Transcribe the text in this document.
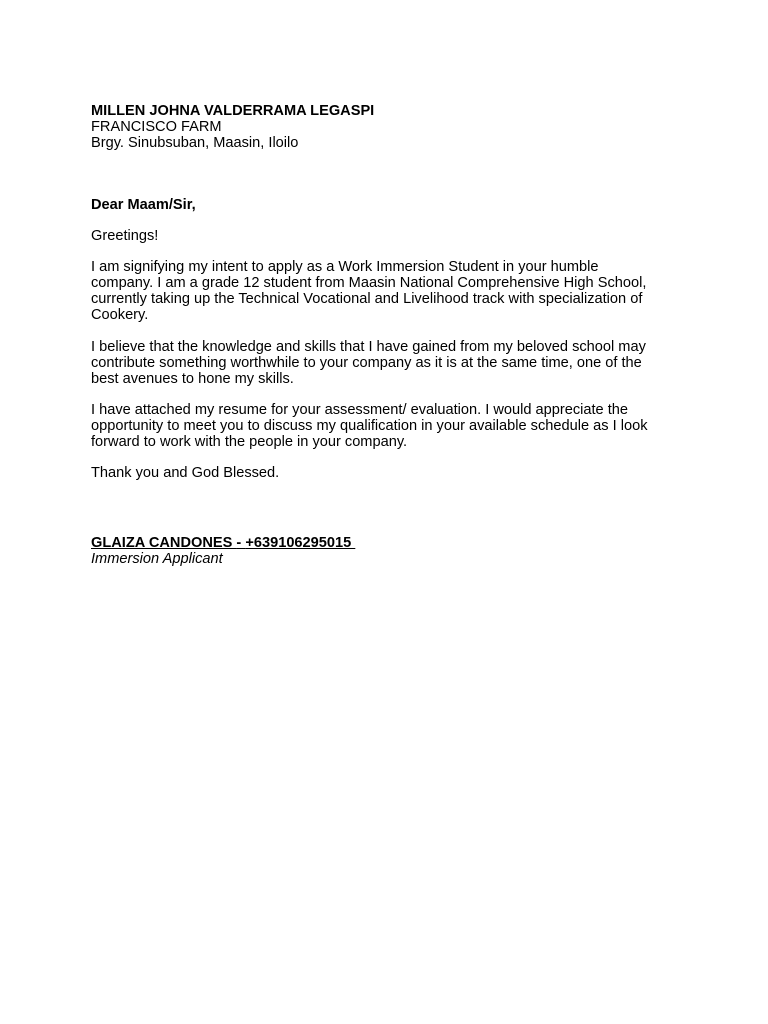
MILLEN JOHNA VALDERRAMA LEGASPI
FRANCISCO FARM
Brgy. Sinubsuban, Maasin, Iloilo
Dear Maam/Sir,
Greetings!
I am signifying my intent to apply as a Work Immersion Student in your humble
company. I am a grade 12 student from Maasin National Comprehensive High School,
currently taking up the Technical Vocational and Livelihood track with specialization of
Cookery.
I believe that the knowledge and skills that I have gained from my beloved school may
contribute something worthwhile to your company as it is at the same time, one of the
best avenues to hone my skills.
I have attached my resume for your assessment/ evaluation. I would appreciate the
opportunity to meet you to discuss my qualification in your available schedule as I look
forward to work with the people in your company.
Thank you and God Blessed.
GLAIZA CANDONES - +639106295015
Immersion Applicant
